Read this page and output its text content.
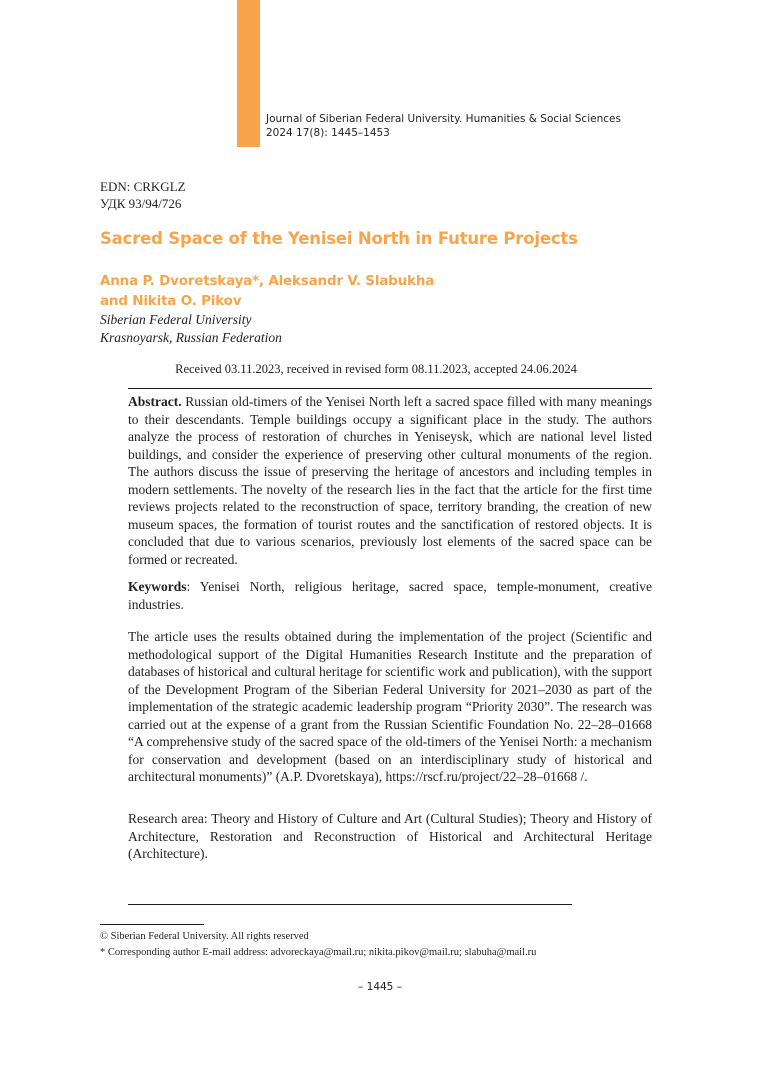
Journal of Siberian Federal University. Humanities & Social Sciences
2024 17(8): 1445–1453
EDN: CRKGLZ
УДК 93/94/726
Sacred Space of the Yenisei North in Future Projects
Anna P. Dvoretskaya*, Aleksandr V. Slabukha
and Nikita O. Pikov
Siberian Federal University
Krasnoyarsk, Russian Federation
Received 03.11.2023, received in revised form 08.11.2023, accepted 24.06.2024
Abstract. Russian old-timers of the Yenisei North left a sacred space filled with many meanings to their descendants. Temple buildings occupy a significant place in the study. The authors analyze the process of restoration of churches in Yeniseysk, which are national level listed buildings, and consider the experience of preserving other cultural monuments of the region. The authors discuss the issue of preserving the heritage of ancestors and including temples in modern settlements. The novelty of the research lies in the fact that the article for the first time reviews projects related to the reconstruction of space, territory branding, the creation of new museum spaces, the formation of tourist routes and the sanctification of restored objects. It is concluded that due to various scenarios, previously lost elements of the sacred space can be formed or recreated.
Keywords: Yenisei North, religious heritage, sacred space, temple-monument, creative industries.
The article uses the results obtained during the implementation of the project (Scientific and methodological support of the Digital Humanities Research Institute and the preparation of databases of historical and cultural heritage for scientific work and publication), with the support of the Development Program of the Siberian Federal University for 2021–2030 as part of the implementation of the strategic academic leadership program “Priority 2030”. The research was carried out at the expense of a grant from the Russian Scientific Foundation No. 22–28–01668 “A comprehensive study of the sacred space of the old-timers of the Yenisei North: a mechanism for conservation and development (based on an interdisciplinary study of historical and architectural monuments)” (A.P. Dvoretskaya), https://rscf.ru/project/22–28–01668 /.
Research area: Theory and History of Culture and Art (Cultural Studies); Theory and History of Architecture, Restoration and Reconstruction of Historical and Architectural Heritage (Architecture).
© Siberian Federal University. All rights reserved
* Corresponding author E-mail address: advoreckaya@mail.ru; nikita.pikov@mail.ru; slabuha@mail.ru
– 1445 –
